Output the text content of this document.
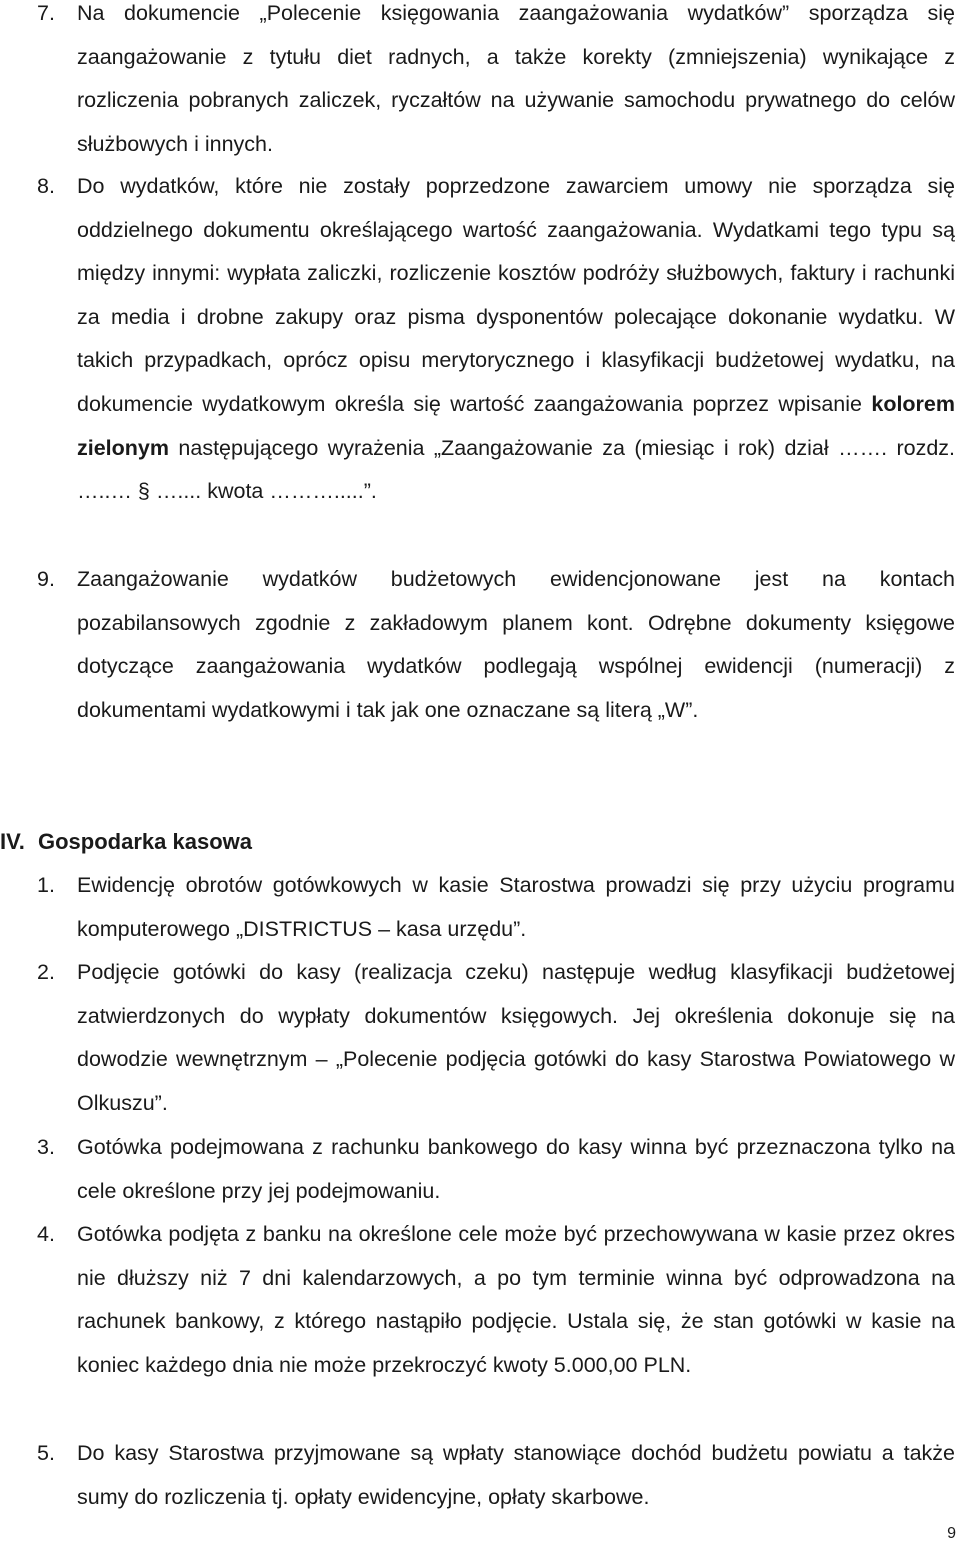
7. Na dokumencie „Polecenie księgowania zaangażowania wydatków” sporządza się zaangażowanie z tytułu diet radnych, a także korekty (zmniejszenia) wynikające z rozliczenia pobranych zaliczek, ryczałtów na używanie samochodu prywatnego do celów służbowych i innych.
8. Do wydatków, które nie zostały poprzedzone zawarciem umowy nie sporządza się oddzielnego dokumentu określającego wartość zaangażowania. Wydatkami tego typu są między innymi: wypłata zaliczki, rozliczenie kosztów podróży służbowych, faktury i rachunki za media i drobne zakupy oraz pisma dysponentów polecające dokonanie wydatku. W takich przypadkach, oprócz opisu merytorycznego i klasyfikacji budżetowej wydatku, na dokumencie wydatkowym określa się wartość zaangażowania poprzez wpisanie kolorem zielonym następującego wyrażenia „Zaangażowanie za (miesiąc i rok) dział ……. rozdz. …..… § ….... kwota ……….....”.
9. Zaangażowanie wydatków budżetowych ewidencjonowane jest na kontach pozabilansowych zgodnie z zakładowym planem kont. Odrębne dokumenty księgowe dotyczące zaangażowania wydatków podlegają wspólnej ewidencji (numeracji) z dokumentami wydatkowymi i tak jak one oznaczane są literą „W”.
IV. Gospodarka kasowa
1. Ewidencję obrotów gotówkowych w kasie Starostwa prowadzi się przy użyciu programu komputerowego „DISTRICTUS – kasa urzędu”.
2. Podjęcie gotówki do kasy (realizacja czeku) następuje według klasyfikacji budżetowej zatwierdzonych do wypłaty dokumentów księgowych. Jej określenia dokonuje się na dowodzie wewnętrznym – „Polecenie podjęcia gotówki do kasy Starostwa Powiatowego w Olkuszu”.
3. Gotówka podejmowana z rachunku bankowego do kasy winna być przeznaczona tylko na cele określone przy jej podejmowaniu.
4. Gotówka podjęta z banku na określone cele może być przechowywana w kasie przez okres nie dłuższy niż 7 dni kalendarzowych, a po tym terminie winna być odprowadzona na rachunek bankowy, z którego nastąpiło podjęcie. Ustala się, że stan gotówki w kasie na koniec każdego dnia nie może przekroczyć kwoty 5.000,00 PLN.
5. Do kasy Starostwa przyjmowane są wpłaty stanowiące dochód budżetu powiatu a także sumy do rozliczenia tj. opłaty ewidencyjne, opłaty skarbowe.
9
